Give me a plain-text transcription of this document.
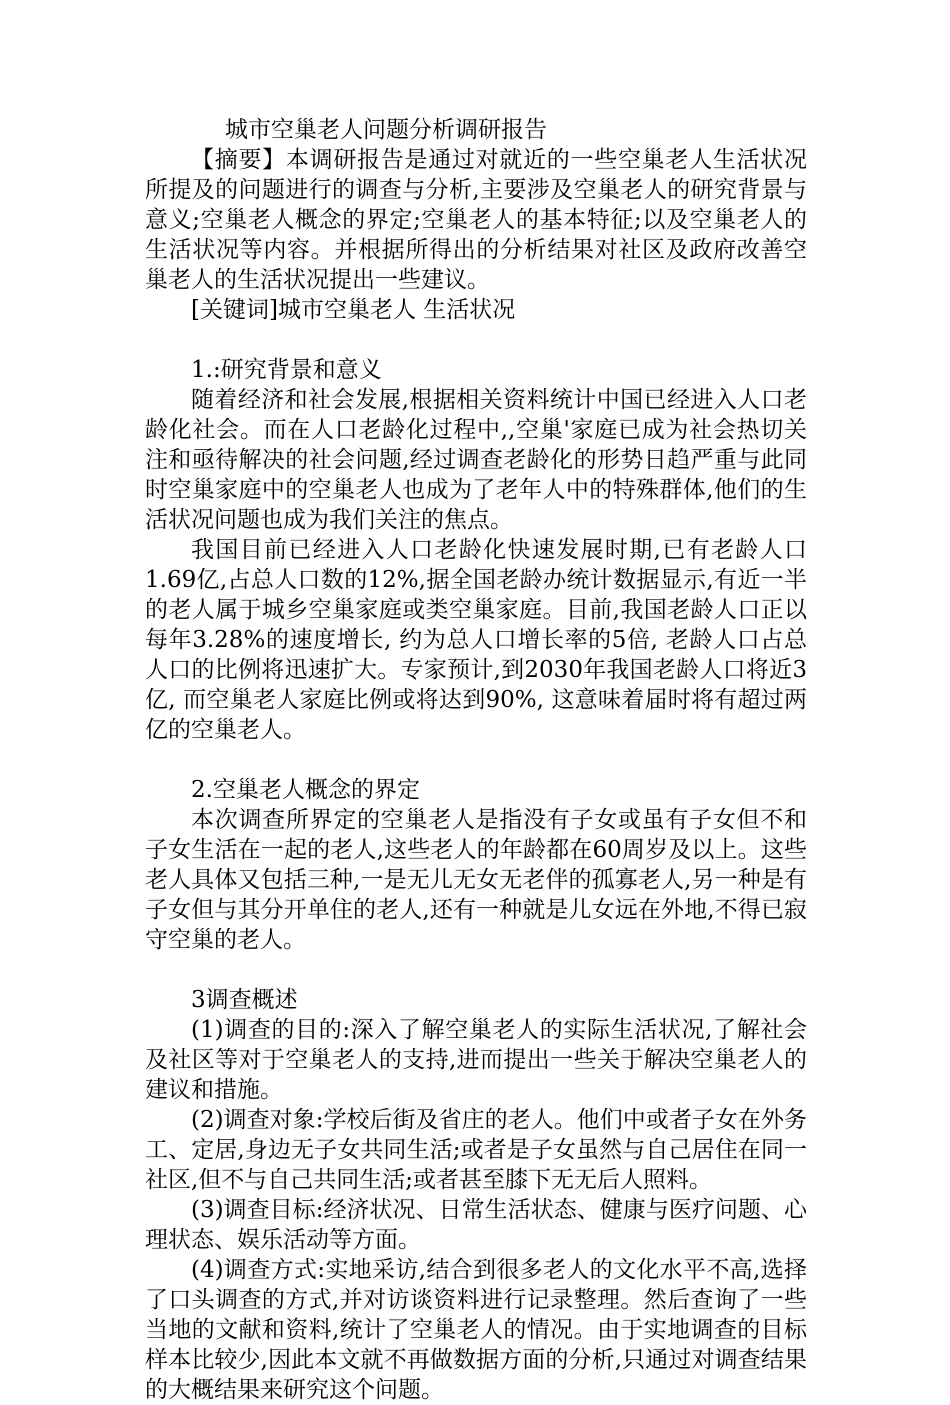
城市空巢老人问题分析调研报告

【摘要】本调研报告是通过对就近的一些空巢老人生活状况所提及的问题进行的调查与分析,主要涉及空巢老人的研究背景与意义;空巢老人概念的界定;空巢老人的基本特征;以及空巢老人的生活状况等内容。并根据所得出的分析结果对社区及政府改善空巢老人的生活状况提出一些建议。

[关键词]城市空巢老人 生活状况
1.:研究背景和意义

随着经济和社会发展,根据相关资料统计中国已经进入人口老龄化社会。而在人口老龄化过程中,,空巢'家庭已成为社会热切关注和亟待解决的社会问题,经过调查老龄化的形势日趋严重与此同时空巢家庭中的空巢老人也成为了老年人中的特殊群体,他们的生活状况问题也成为我们关注的焦点。

我国目前已经进入人口老龄化快速发展时期,已有老龄人口1.69亿,占总人口数的12%,据全国老龄办统计数据显示,有近一半的老人属于城乡空巢家庭或类空巢家庭。目前,我国老龄人口正以每年3.28%的速度增长, 约为总人口增长率的5倍, 老龄人口占总人口的比例将迅速扩大。专家预计,到2030年我国老龄人口将近3亿, 而空巢老人家庭比例或将达到90%, 这意味着届时将有超过两亿的空巢老人。

2.空巢老人概念的界定

本次调查所界定的空巢老人是指没有子女或虽有子女但不和子女生活在一起的老人,这些老人的年龄都在60周岁及以上。这些老人具体又包括三种,一是无儿无女无老伴的孤寡老人,另一种是有子女但与其分开单住的老人,还有一种就是儿女远在外地,不得已寂守空巢的老人。

3调查概述

(1)调查的目的:深入了解空巢老人的实际生活状况,了解社会及社区等对于空巢老人的支持,进而提出一些关于解决空巢老人的建议和措施。

(2)调查对象:学校后街及省庄的老人。他们中或者子女在外务工、定居,身边无子女共同生活;或者是子女虽然与自己居住在同一社区,但不与自己共同生活;或者甚至膝下无无后人照料。

(3)调查目标:经济状况、日常生活状态、健康与医疗问题、心理状态、娱乐活动等方面。

(4)调查方式:实地采访,结合到很多老人的文化水平不高,选择了口头调查的方式,并对访谈资料进行记录整理。然后查询了一些当地的文献和资料,统计了空巢老人的情况。由于实地调查的目标样本比较少,因此本文就不再做数据方面的分析,只通过对调查结果的大概结果来研究这个问题。
